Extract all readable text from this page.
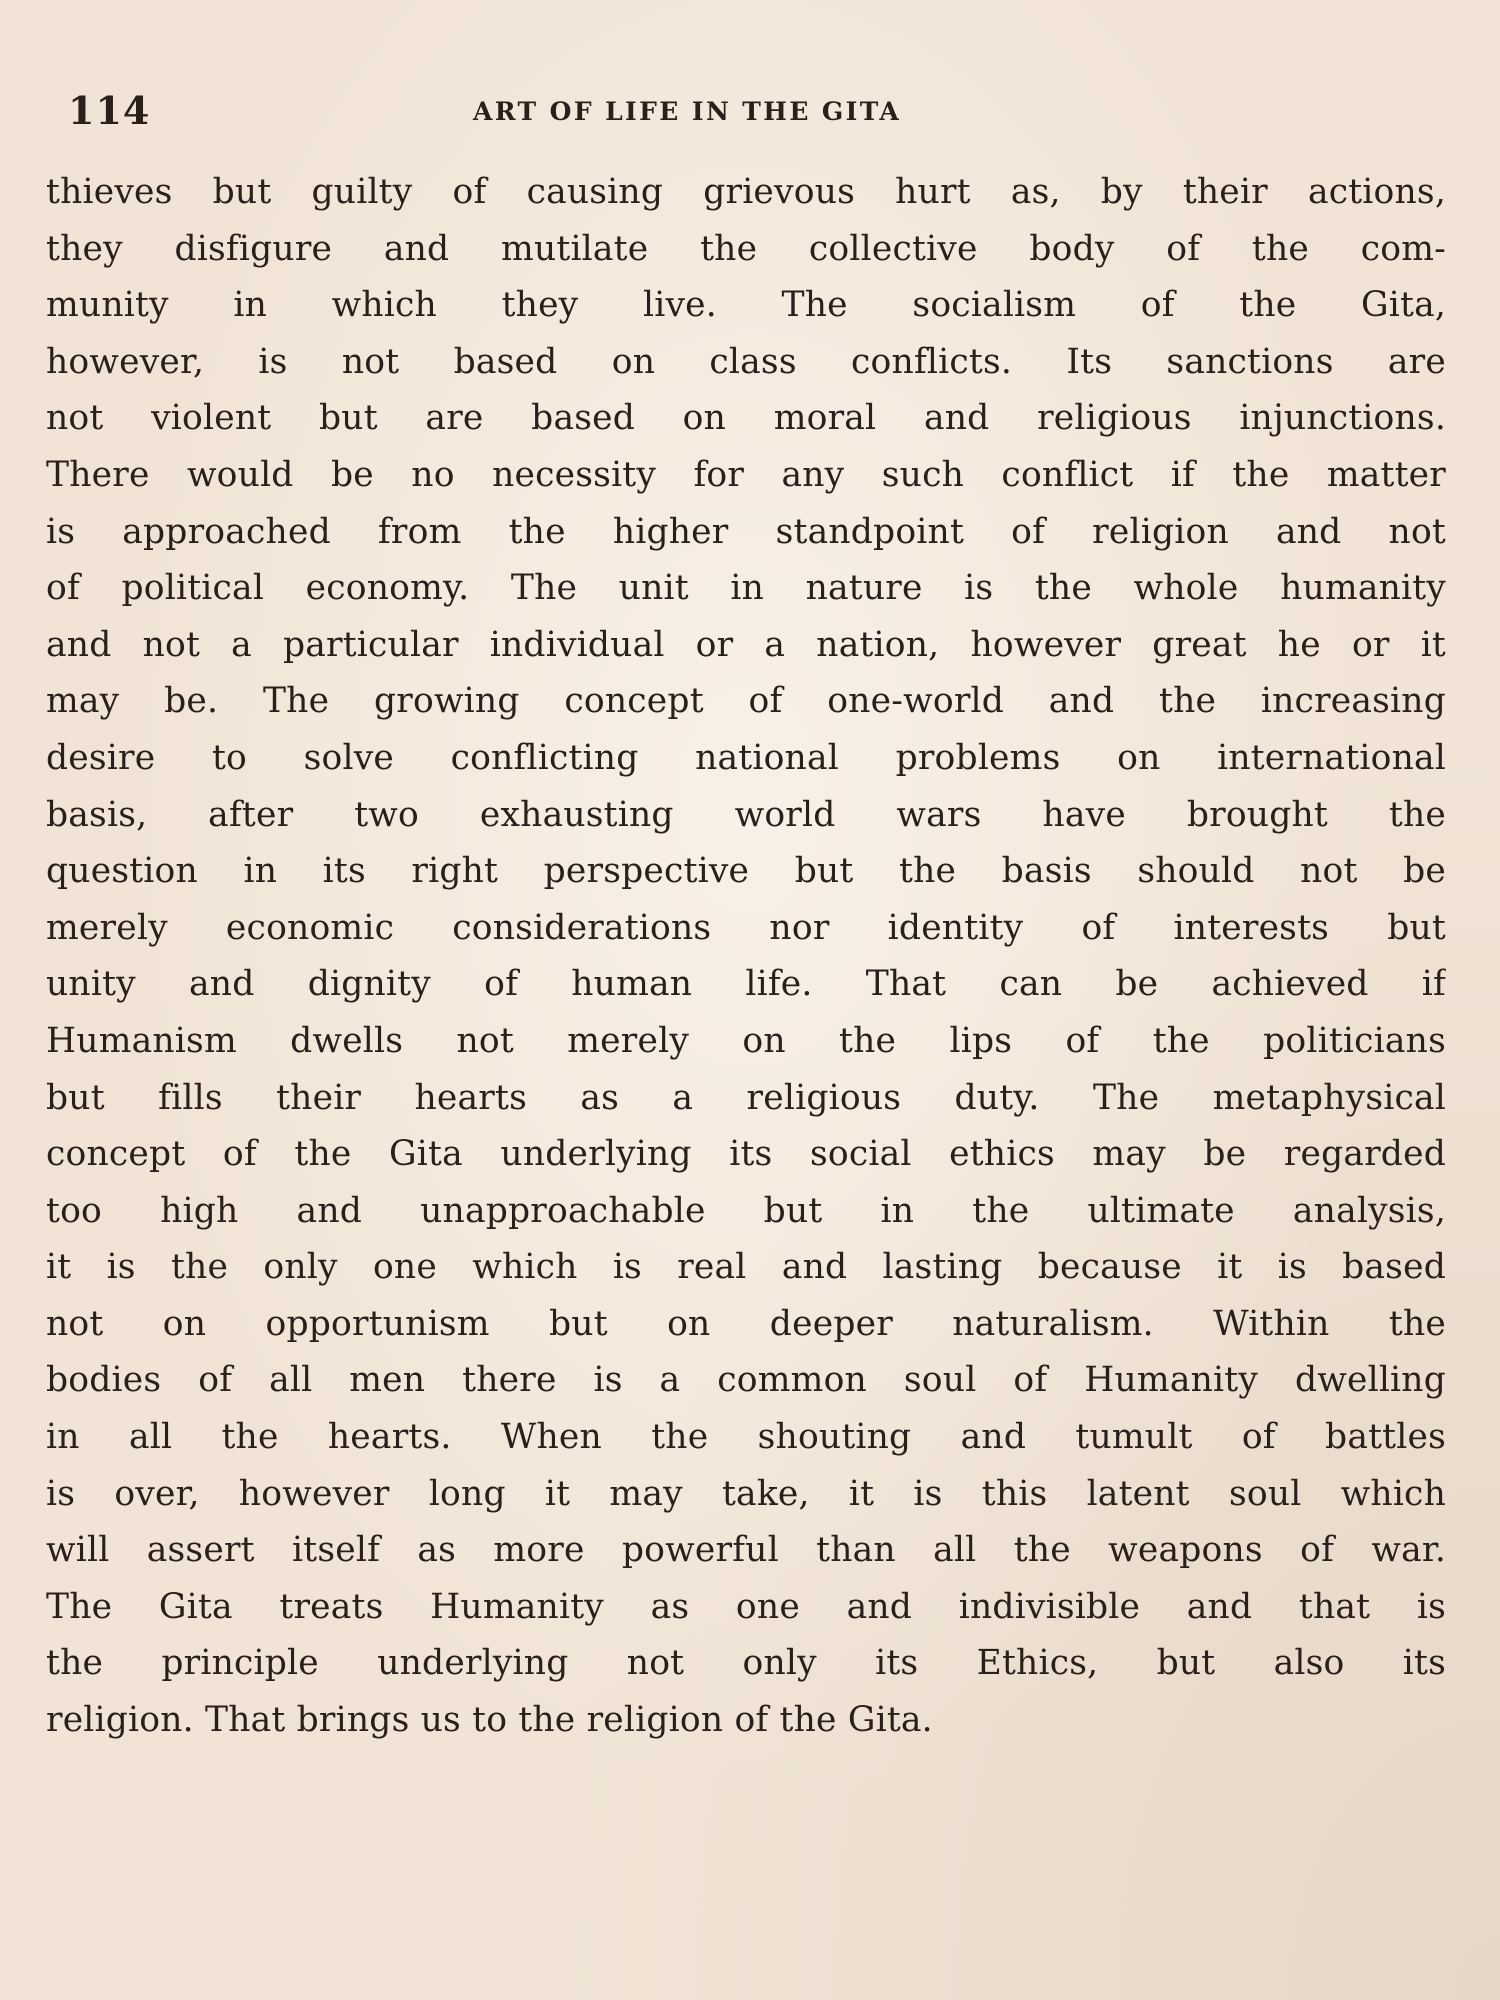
114	ART OF LIFE IN THE GITA
thieves but guilty of causing grievous hurt as, by their actions,
they disfigure and mutilate the collective body of the com-
munity in which they live. The socialism of the Gita,
however, is not based on class conflicts. Its sanctions are
not violent but are based on moral and religious injunctions.
There would be no necessity for any such conflict if the matter
is approached from the higher standpoint of religion and not
of political economy. The unit in nature is the whole humanity
and not a particular individual or a nation, however great he or it
may be. The growing concept of one-world and the increasing
desire to solve conflicting national problems on international
basis, after two exhausting world wars have brought the
question in its right perspective but the basis should not be
merely economic considerations nor identity of interests but
unity and dignity of human life. That can be achieved if
Humanism dwells not merely on the lips of the politicians
but fills their hearts as a religious duty. The metaphysical
concept of the Gita underlying its social ethics may be regarded
too high and unapproachable but in the ultimate analysis,
it is the only one which is real and lasting because it is based
not on opportunism but on deeper naturalism. Within the
bodies of all men there is a common soul of Humanity dwelling
in all the hearts. When the shouting and tumult of battles
is over, however long it may take, it is this latent soul which
will assert itself as more powerful than all the weapons of war.
The Gita treats Humanity as one and indivisible and that is
the principle underlying not only its Ethics, but also its
religion. That brings us to the religion of the Gita.
